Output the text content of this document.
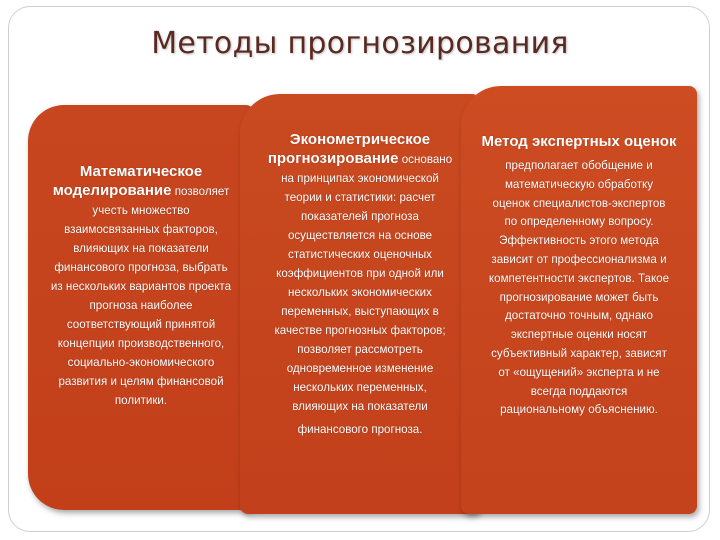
Методы прогнозирования
Математическое
моделирование позволяет
учесть множество
взаимосвязанных факторов,
влияющих на показатели
финансового прогноза, выбрать
из нескольких вариантов проекта
прогноза наиболее
соответствующий принятой
концепции производственного,
социально-экономического
развития и целям финансовой
политики.
Эконометрическое
прогнозирование основано
на принципах экономической
теории и статистики: расчет
показателей прогноза
осуществляется на основе
статистических оценочных
коэффициентов при одной или
нескольких экономических
переменных, выступающих в
качестве прогнозных факторов;
позволяет рассмотреть
одновременное изменение
нескольких переменных,
влияющих на показатели
финансового прогноза.
Метод экспертных оценок
предполагает обобщение и
математическую обработку
оценок специалистов-экспертов
по определенному вопросу.
Эффективность этого метода
зависит от профессионализма и
компетентности экспертов. Такое
прогнозирование может быть
достаточно точным, однако
экспертные оценки носят
субъективный характер, зависят
от «ощущений» эксперта и не
всегда поддаются
рациональному объяснению.
